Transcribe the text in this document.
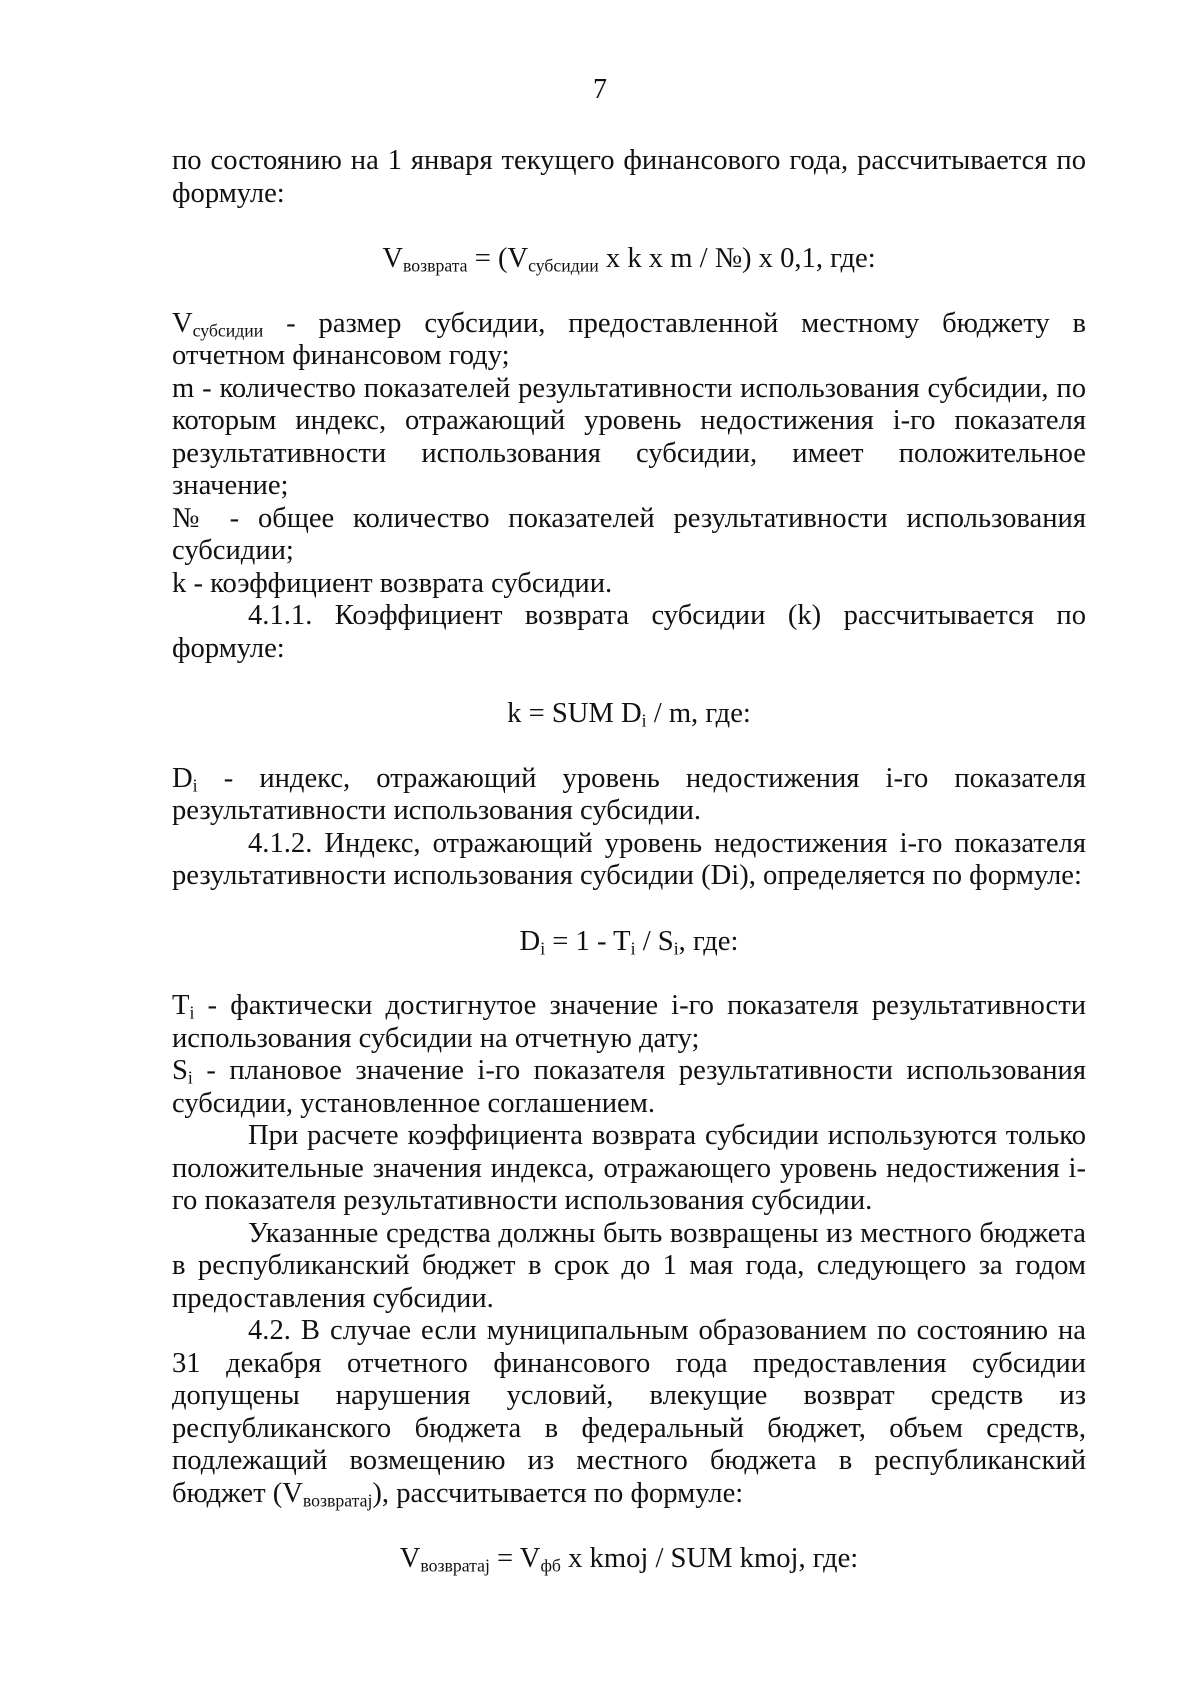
7

по состоянию на 1 января текущего финансового года, рассчитывается по формуле:

$V_{возврата} = (V_{субсидии}$ x k x m / №) x 0,1, где:

$V_{субсидии}$ - размер субсидии, предоставленной местному бюджету в отчетном финансовом году;

m - количество показателей результативности использования субсидии, по которым индекс, отражающий уровень недостижения i-го показателя результативности использования субсидии, имеет положительное значение;

№ - общее количество показателей результативности использования субсидии;

k - коэффициент возврата субсидии.

4.1.1. Коэффициент возврата субсидии (k) рассчитывается по формуле:

k = SUM $D_i$ / m, где:

$D_i$ - индекс, отражающий уровень недостижения i-го показателя результативности использования субсидии.

4.1.2. Индекс, отражающий уровень недостижения i-го показателя результативности использования субсидии (Di), определяется по формуле:

$D_i = 1 - T_i / S_i$, где:

$T_i$ - фактически достигнутое значение i-го показателя результативности использования субсидии на отчетную дату;

$S_i$ - плановое значение i-го показателя результативности использования субсидии, установленное соглашением.

При расчете коэффициента возврата субсидии используются только положительные значения индекса, отражающего уровень недостижения i-го показателя результативности использования субсидии.

Указанные средства должны быть возвращены из местного бюджета в республиканский бюджет в срок до 1 мая года, следующего за годом предоставления субсидии.

4.2. В случае если муниципальным образованием по состоянию на 31 декабря отчетного финансового года предоставления субсидии допущены нарушения условий, влекущие возврат средств из республиканского бюджета в федеральный бюджет, объем средств, подлежащий возмещению из местного бюджета в республиканский бюджет $(V_{возвратаj})$, рассчитывается по формуле:

$V_{возвратаj} = V_{фб}$ x kmoj / SUM kmoj, где:
